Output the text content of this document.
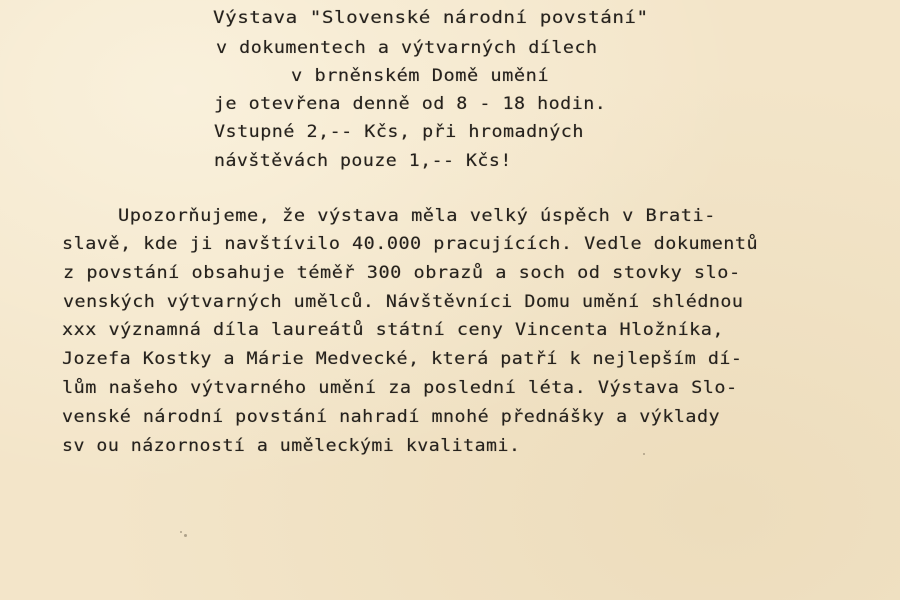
Výstava "Slovenské národní povstání"
v dokumentech a výtvarných dílech
v brněnském Domě umění
je otevřena denně od 8 - 18 hodin.
Vstupné 2,-- Kčs, při hromadných
návštěvách pouze 1,-- Kčs!
Upozorňujeme, že výstava měla velký úspěch v Brati-
slavě, kde ji navštívilo 40.000 pracujících. Vedle dokumentů
z povstání obsahuje téměř 300 obrazů a soch od stovky slo-
venských výtvarných umělců. Návštěvníci Domu umění shlédnou
xxx významná díla laureátů státní ceny Vincenta Hložníka,
Jozefa Kostky a Márie Medvecké, která patří k nejlepším dí-
lům našeho výtvarného umění za poslední léta. Výstava Slo-
venské národní povstání nahradí mnohé přednášky a výklady
sv ou názorností a uměleckými kvalitami.
